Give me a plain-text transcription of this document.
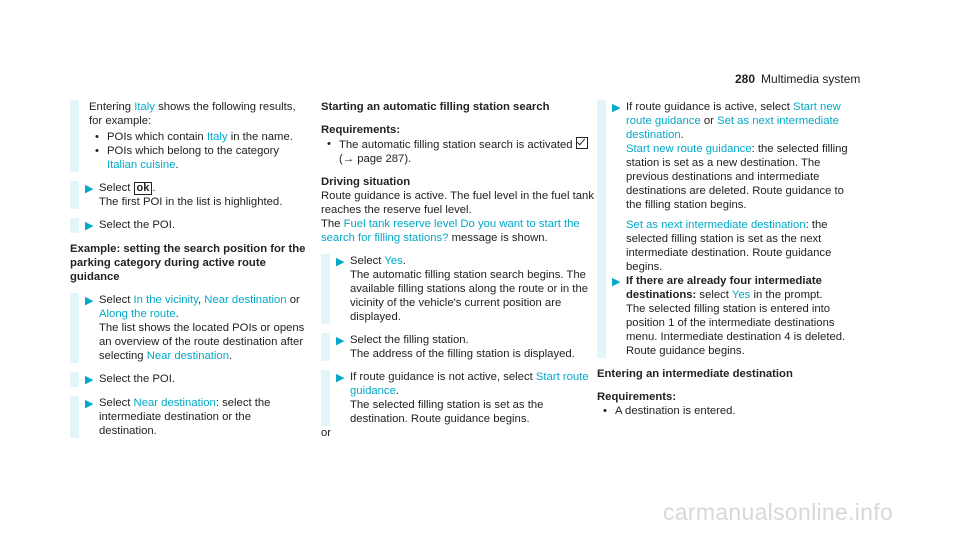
280 Multimedia system
Entering Italy shows the following results, for example:
• POIs which contain Italy in the name.
• POIs which belong to the category Italian cuisine.
▶ Select ok .
The first POI in the list is highlighted.
▶ Select the POI.
Example: setting the search position for the parking category during active route guidance
▶ Select In the vicinity, Near destination or Along the route.
The list shows the located POIs or opens an overview of the route destination after selecting Near destination.
▶ Select the POI.
▶ Select Near destination: select the intermediate destination or the destination.
Starting an automatic filling station search
Requirements:
• The automatic filling station search is activated  (→ page 287).
Driving situation
Route guidance is active. The fuel level in the fuel tank reaches the reserve fuel level.
The Fuel tank reserve level Do you want to start the search for filling stations? message is shown.
▶ Select Yes.
The automatic filling station search begins. The available filling stations along the route or in the vicinity of the vehicle's current position are displayed.
▶ Select the filling station.
The address of the filling station is displayed.
▶ If route guidance is not active, select Start route guidance.
The selected filling station is set as the destination. Route guidance begins.
or
▶ If route guidance is active, select Start new route guidance or Set as next intermediate destination.
Start new route guidance: the selected filling station is set as a new destination. The previous destinations and intermediate destinations are deleted. Route guidance to the filling station begins.
Set as next intermediate destination: the selected filling station is set as the next intermediate destination. Route guidance begins.
▶ If there are already four intermediate destinations: select Yes in the prompt.
The selected filling station is entered into position 1 of the intermediate destinations menu. Intermediate destination 4 is deleted. Route guidance begins.
Entering an intermediate destination
Requirements:
• A destination is entered.
carmanualsonline.info
